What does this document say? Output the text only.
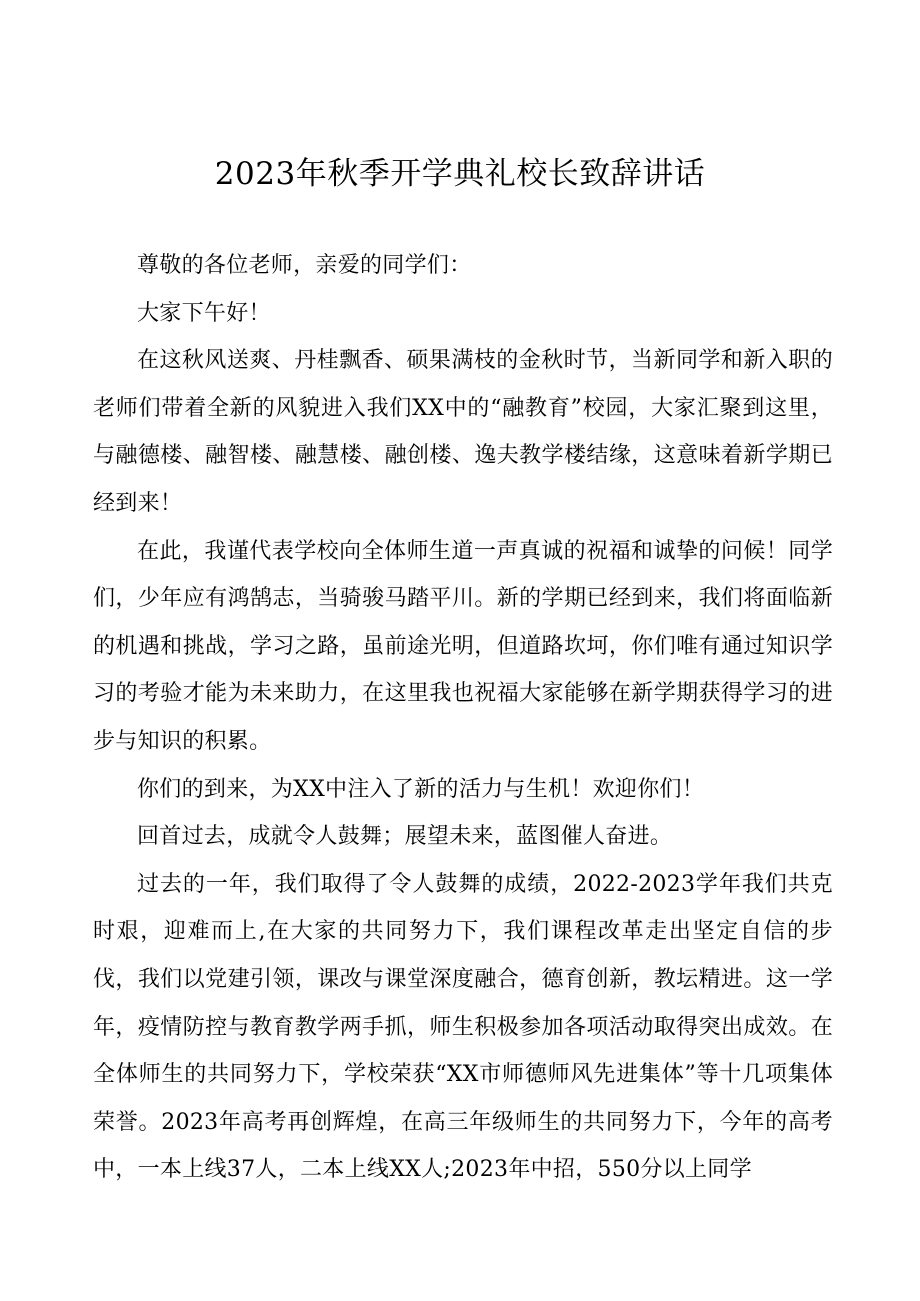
2023年秋季开学典礼校长致辞讲话

尊敬的各位老师，亲爱的同学们：

大家下午好！

在这秋风送爽、丹桂飘香、硕果满枝的金秋时节，当新同学和新入职的老师们带着全新的风貌进入我们XX中的“融教育”校园，大家汇聚到这里，与融德楼、融智楼、融慧楼、融创楼、逸夫教学楼结缘，这意味着新学期已经到来！

在此，我谨代表学校向全体师生道一声真诚的祝福和诚挚的问候！同学们，少年应有鸿鹄志，当骑骏马踏平川。新的学期已经到来，我们将面临新的机遇和挑战，学习之路，虽前途光明，但道路坎坷，你们唯有通过知识学习的考验才能为未来助力，在这里我也祝福大家能够在新学期获得学习的进步与知识的积累。

你们的到来，为XX中注入了新的活力与生机！欢迎你们！

回首过去，成就令人鼓舞；展望未来，蓝图催人奋进。

过去的一年，我们取得了令人鼓舞的成绩，2022-2023学年我们共克时艰，迎难而上,在大家的共同努力下，我们课程改革走出坚定自信的步伐，我们以党建引领，课改与课堂深度融合，德育创新，教坛精进。这一学年，疫情防控与教育教学两手抓，师生积极参加各项活动取得突出成效。在全体师生的共同努力下，学校荣获“XX市师德师风先进集体”等十几项集体荣誉。2023年高考再创辉煌，在高三年级师生的共同努力下，今年的高考中，一本上线37人，二本上线XX人;2023年中招，550分以上同学
